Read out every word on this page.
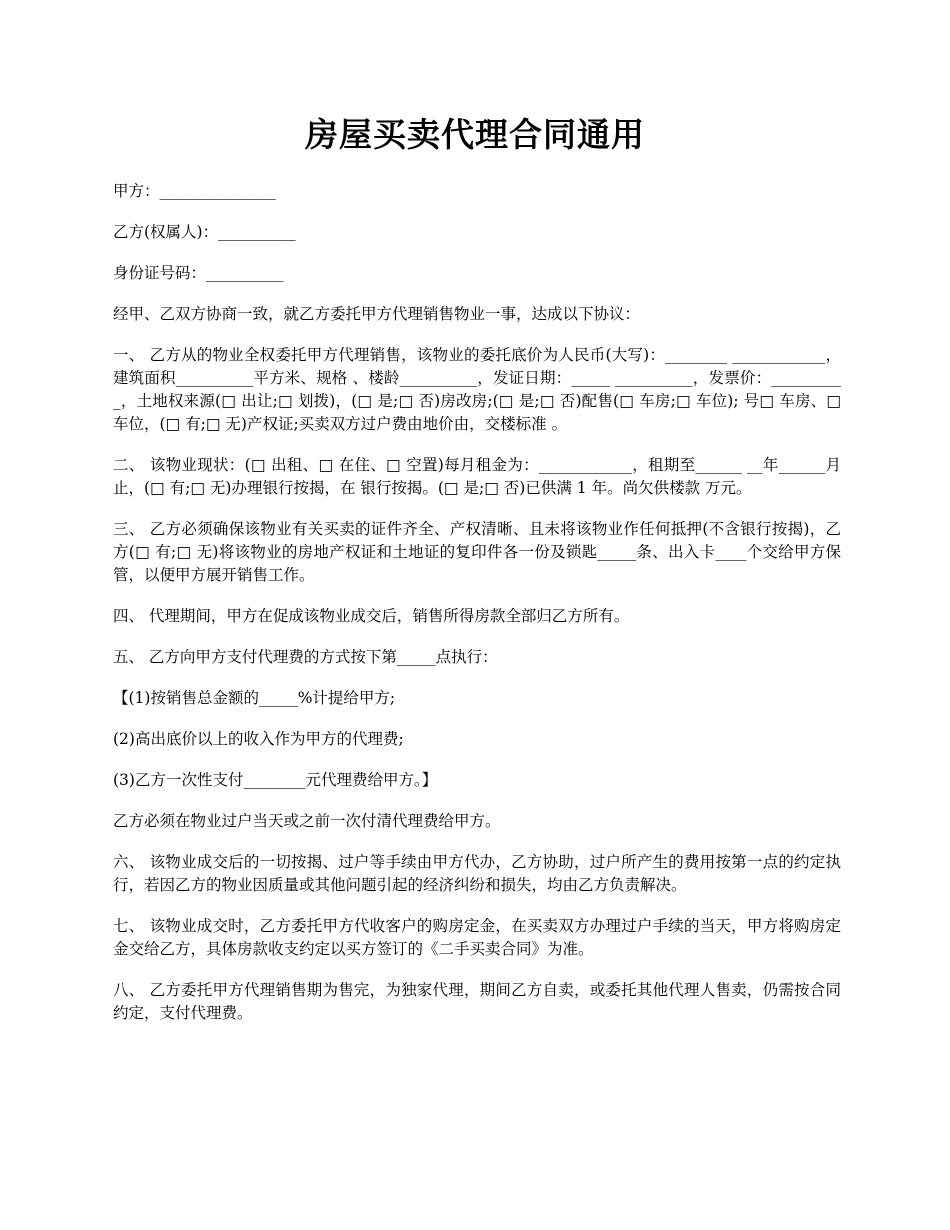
房屋买卖代理合同通用

甲方：_______________

乙方(权属人)：__________

身份证号码：__________

经甲、乙双方协商一致，就乙方委托甲方代理销售物业一事，达成以下协议：

一、 乙方从的物业全权委托甲方代理销售，该物业的委托底价为人民币(大写)：________ ____________，建筑面积__________平方米、规格 、楼龄__________，发证日期：_____ __________，发票价：__________，土地权来源(□ 出让;□ 划拨)，(□ 是;□ 否)房改房;(□ 是;□ 否)配售(□ 车房;□ 车位); 号□ 车房、□ 车位，(□ 有;□ 无)产权证;买卖双方过户费由地价由，交楼标准 。

二、 该物业现状：(□ 出租、□ 在住、□ 空置)每月租金为：____________，租期至______ __年______月止，(□ 有;□ 无)办理银行按揭，在 银行按揭。(□ 是;□ 否)已供满 1 年。尚欠供楼款 万元。

三、 乙方必须确保该物业有关买卖的证件齐全、产权清晰、且未将该物业作任何抵押(不含银行按揭)，乙方(□ 有;□ 无)将该物业的房地产权证和土地证的复印件各一份及锁匙_____条、出入卡____个交给甲方保管，以便甲方展开销售工作。

四、 代理期间，甲方在促成该物业成交后，销售所得房款全部归乙方所有。

五、 乙方向甲方支付代理费的方式按下第_____点执行：

【(1)按销售总金额的_____%计提给甲方;

(2)高出底价以上的收入作为甲方的代理费;

(3)乙方一次性支付________元代理费给甲方。】

乙方必须在物业过户当天或之前一次付清代理费给甲方。

六、 该物业成交后的一切按揭、过户等手续由甲方代办，乙方协助，过户所产生的费用按第一点的约定执行，若因乙方的物业因质量或其他问题引起的经济纠纷和损失，均由乙方负责解决。

七、 该物业成交时，乙方委托甲方代收客户的购房定金，在买卖双方办理过户手续的当天，甲方将购房定金交给乙方，具体房款收支约定以买方签订的《二手买卖合同》为准。

八、 乙方委托甲方代理销售期为售完，为独家代理，期间乙方自卖，或委托其他代理人售卖，仍需按合同约定，支付代理费。
